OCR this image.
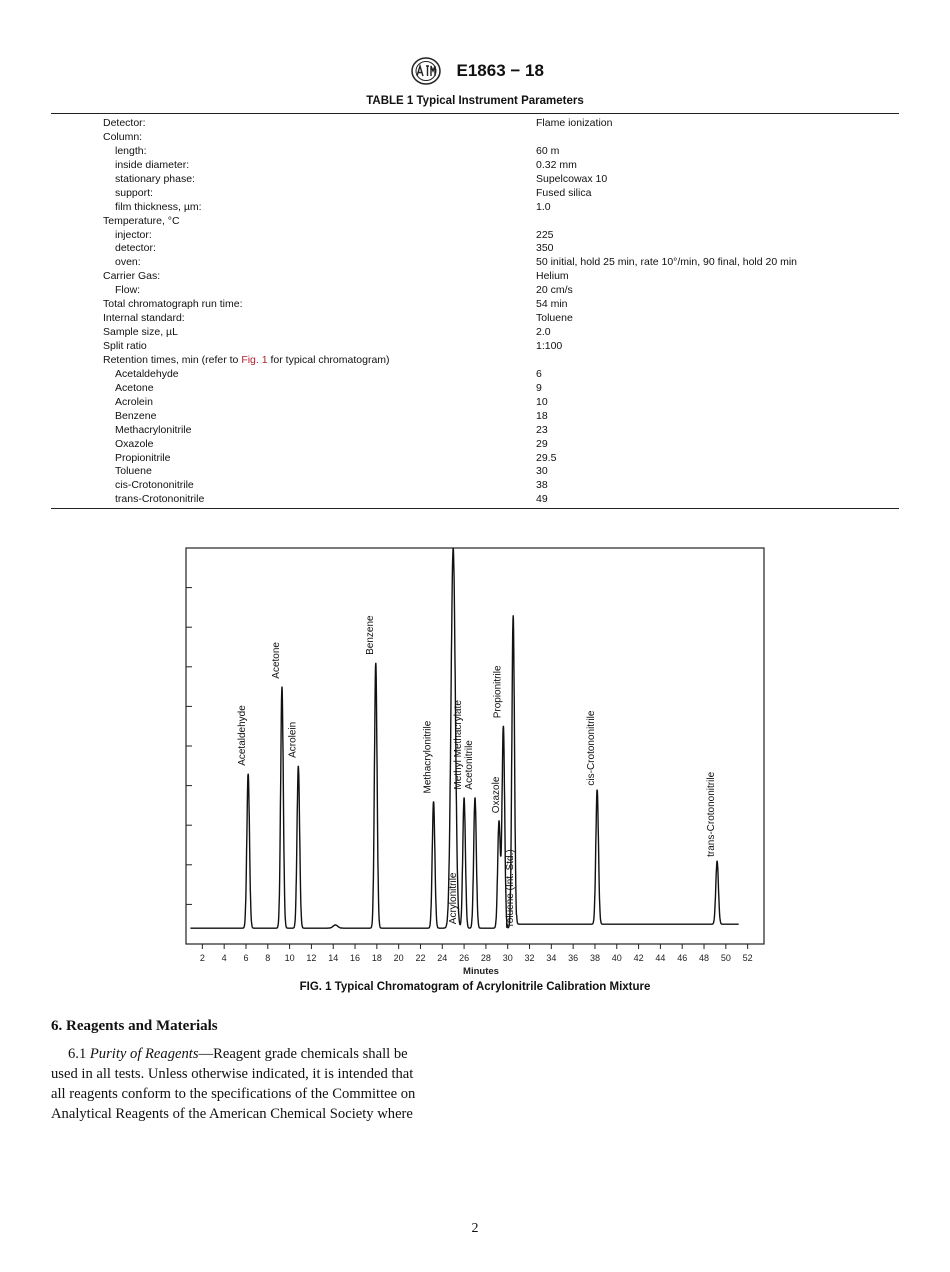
E1863 − 18
TABLE 1 Typical Instrument Parameters
Detector:	Flame ionization
Column:
length:	60 m
inside diameter:	0.32 mm
stationary phase:	Supelcowax 10
support:	Fused silica
film thickness, µm:	1.0
Temperature, °C
injector:	225
detector:	350
oven:	50 initial, hold 25 min, rate 10°/min, 90 final, hold 20 min
Carrier Gas:	Helium
Flow:	20 cm/s
Total chromatograph run time:	54 min
Internal standard:	Toluene
Sample size, µL	2.0
Split ratio	1:100
Retention times, min (refer to Fig. 1 for typical chromatogram)
Acetaldehyde	6
Acetone	9
Acrolein	10
Benzene	18
Methacrylonitrile	23
Oxazole	29
Propionitrile	29.5
Toluene	30
cis-Crotononitrile	38
trans-Crotononitrile	49
2 4 6 8 10 12 14 16 18 20 22 24 26 28 30 32 34 36 38 40 42 44 46 48 50 52
Minutes
Acetaldehyde
Acetone
Acrolein
Benzene
Methacrylonitrile
Acrylonitrile
Methyl Methacrylate Acetonitrile
Oxazole
Propionitrile
Toluene (Int. Std.)
cis-Crotononitrile
trans-Crotononitrile
FIG. 1 Typical Chromatogram of Acrylonitrile Calibration Mixture
6. Reagents and Materials
6.1 Purity of Reagents—Reagent grade chemicals shall be
used in all tests. Unless otherwise indicated, it is intended that
all reagents conform to the specifications of the Committee on
Analytical Reagents of the American Chemical Society where
2
